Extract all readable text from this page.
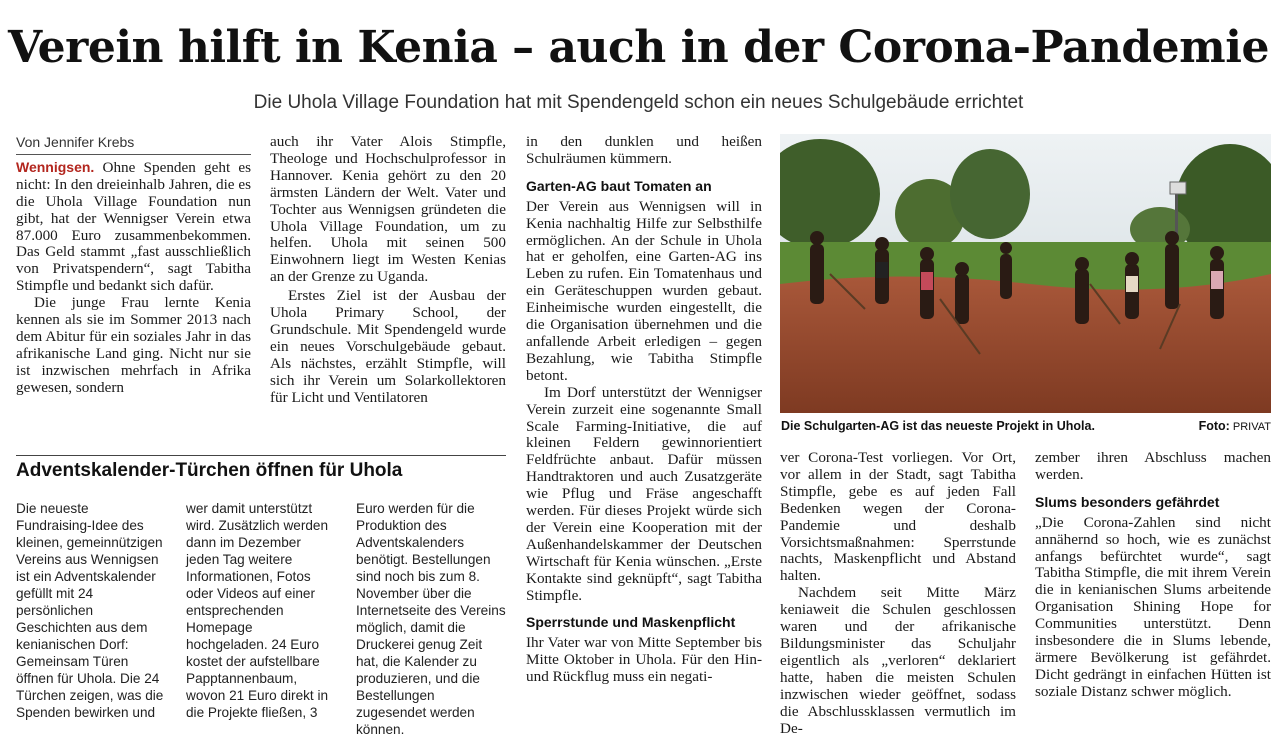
Verein hilft in Kenia – auch in der Corona-Pandemie
Die Uhola Village Foundation hat mit Spendengeld schon ein neues Schulgebäude errichtet
Von Jennifer Krebs

Wennigsen. Ohne Spenden geht es nicht: In den dreieinhalb Jahren, die es die Uhola Village Foundation nun gibt, hat der Wennigser Verein etwa 87.000 Euro zusammenbekommen. Das Geld stammt „fast ausschließlich von Privatspendern“, sagt Tabitha Stimpfle und bedankt sich dafür.

Die junge Frau lernte Kenia kennen als sie im Sommer 2013 nach dem Abitur für ein soziales Jahr in das afrikanische Land ging. Nicht nur sie ist inzwischen mehrfach in Afrika gewesen, sondern

auch ihr Vater Alois Stimpfle, Theologe und Hochschulprofessor in Hannover. Kenia gehört zu den 20 ärmsten Ländern der Welt. Vater und Tochter aus Wennigsen gründeten die Uhola Village Foundation, um zu helfen. Uhola mit seinen 500 Einwohnern liegt im Westen Kenias an der Grenze zu Uganda.

Erstes Ziel ist der Ausbau der Uhola Primary School, der Grundschule. Mit Spendengeld wurde ein neues Vorschulgebäude gebaut. Als nächstes, erzählt Stimpfle, will sich ihr Verein um Solarkollektoren für Licht und Ventilatoren

in den dunklen und heißen Schulräumen kümmern.

Garten-AG baut Tomaten an

Der Verein aus Wennigsen will in Kenia nachhaltig Hilfe zur Selbsthilfe ermöglichen. An der Schule in Uhola hat er geholfen, eine Garten-AG ins Leben zu rufen. Ein Tomatenhaus und ein Geräteschuppen wurden gebaut. Einheimische wurden eingestellt, die die Organisation übernehmen und die anfallende Arbeit erledigen – gegen Bezahlung, wie Tabitha Stimpfle betont.

Im Dorf unterstützt der Wennigser Verein zurzeit eine sogenannte Small Scale Farming-Initiative, die auf kleinen Feldern gewinnorientiert Feldfrüchte anbaut. Dafür müssen Handtraktoren und auch Zusatzgeräte wie Pflug und Fräse angeschafft werden. Für dieses Projekt würde sich der Verein eine Kooperation mit der Außenhandelskammer der Deutschen Wirtschaft für Kenia wünschen. „Erste Kontakte sind geknüpft“, sagt Tabitha Stimpfle.

Sperrstunde und Maskenpflicht

Ihr Vater war von Mitte September bis Mitte Oktober in Uhola. Für den Hin- und Rückflug muss ein negati-

Die Schulgarten-AG ist das neueste Projekt in Uhola.	Foto: PRIVAT

ver Corona-Test vorliegen. Vor Ort, vor allem in der Stadt, sagt Tabitha Stimpfle, gebe es auf jeden Fall Bedenken wegen der Corona-Pandemie und deshalb Vorsichtsmaßnahmen: Sperrstunde nachts, Maskenpflicht und Abstand halten.

Nachdem seit Mitte März keniaweit die Schulen geschlossen waren und der afrikanische Bildungsminister das Schuljahr eigentlich als „verloren“ deklariert hatte, haben die meisten Schulen inzwischen wieder geöffnet, sodass die Abschlussklassen vermutlich im De-

zember ihren Abschluss machen werden.

Slums besonders gefährdet

„Die Corona-Zahlen sind nicht annähernd so hoch, wie es zunächst anfangs befürchtet wurde“, sagt Tabitha Stimpfle, die mit ihrem Verein die in kenianischen Slums arbeitende Organisation Shining Hope for Communities unterstützt. Denn insbesondere die in Slums lebende, ärmere Bevölkerung ist gefährdet. Dicht gedrängt in einfachen Hütten ist soziale Distanz schwer möglich.

Adventskalender-Türchen öffnen für Uhola

Die neueste Fundraising-Idee des kleinen, gemeinnützigen Vereins aus Wennigsen ist ein Adventskalender gefüllt mit 24 persönlichen Geschichten aus dem kenianischen Dorf: Gemeinsam Türen öffnen für Uhola. Die 24 Türchen zeigen, was die Spenden bewirken und

wer damit unterstützt wird. Zusätzlich werden dann im Dezember jeden Tag weitere Informationen, Fotos oder Videos auf einer entsprechenden Homepage hochgeladen. 24 Euro kostet der aufstellbare Papptannenbaum, wovon 21 Euro direkt in die Projekte fließen, 3

Euro werden für die Produktion des Adventskalenders benötigt. Bestellungen sind noch bis zum 8. November über die Internetseite des Vereins möglich, damit die Druckerei genug Zeit hat, die Kalender zu produzieren, und die Bestellungen zugesendet werden können.
